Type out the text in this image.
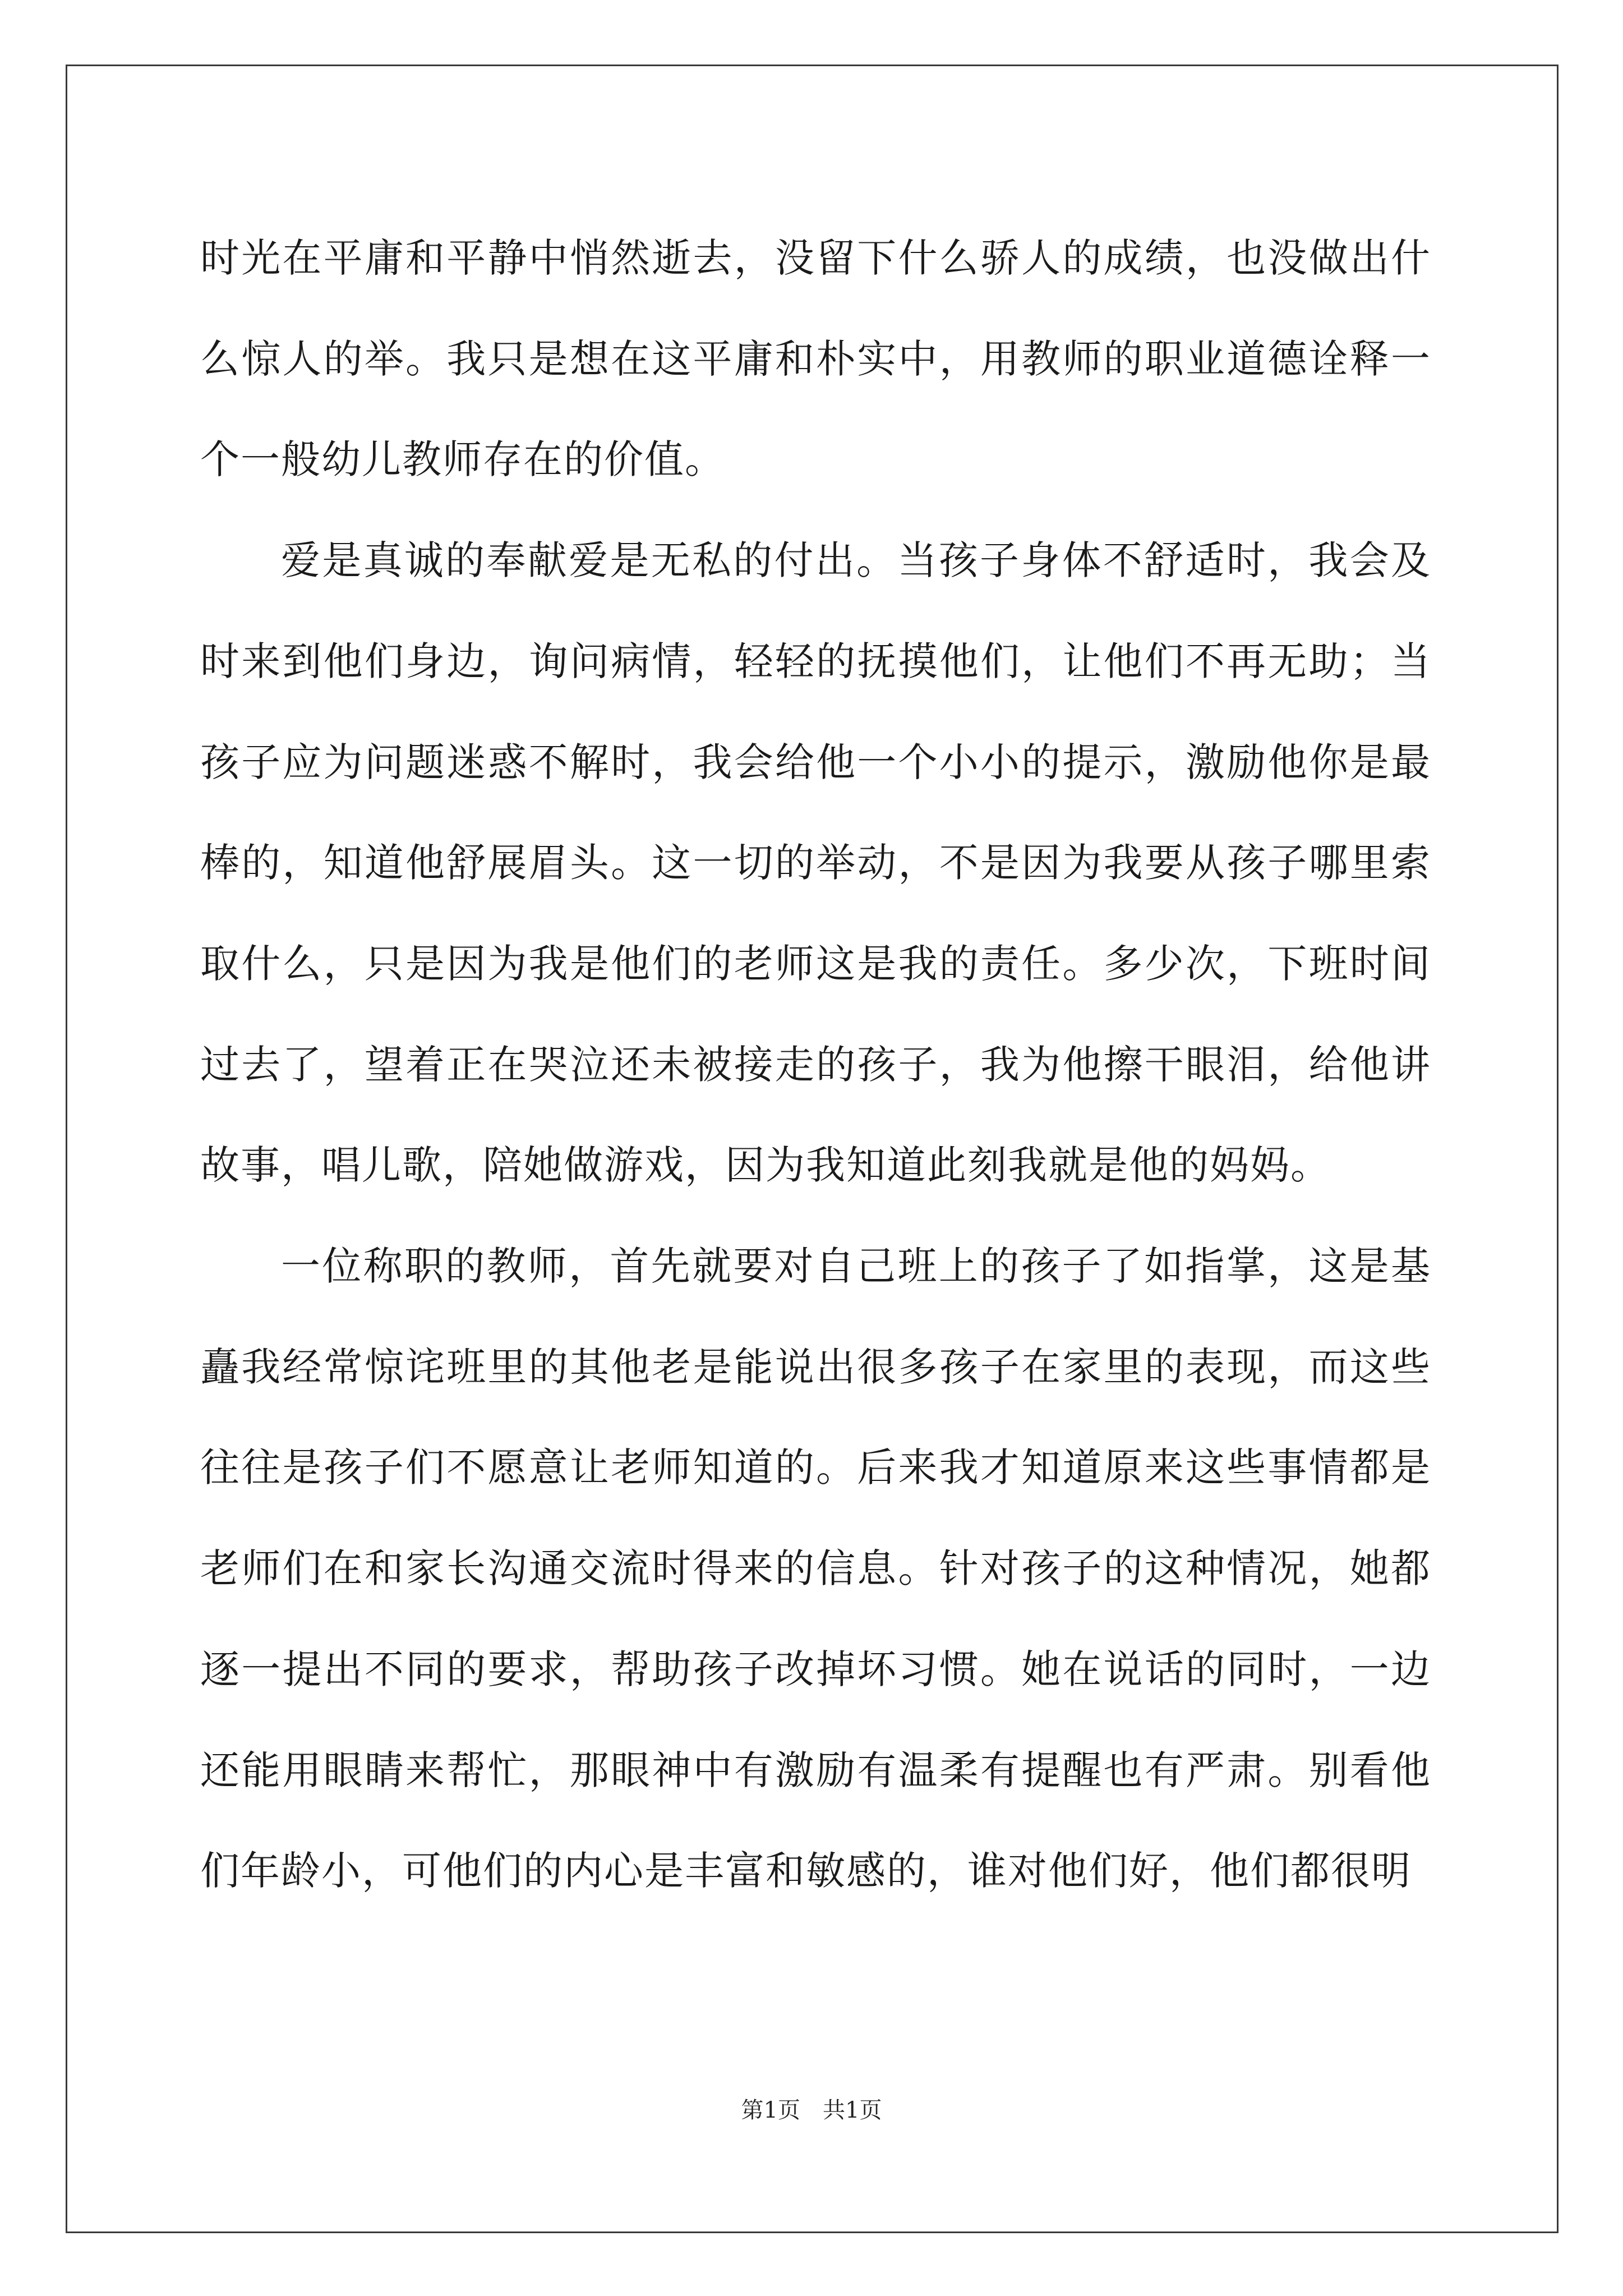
时光在平庸和平静中悄然逝去，没留下什么骄人的成绩，也没做出什么惊人的举。我只是想在这平庸和朴实中，用教师的职业道德诠释一个一般幼儿教师存在的价值。

爱是真诚的奉献爱是无私的付出。当孩子身体不舒适时，我会及时来到他们身边，询问病情，轻轻的抚摸他们，让他们不再无助；当孩子应为问题迷惑不解时，我会给他一个小小的提示，激励他你是最棒的，知道他舒展眉头。这一切的举动，不是因为我要从孩子哪里索取什么，只是因为我是他们的老师这是我的责任。多少次，下班时间过去了，望着正在哭泣还未被接走的孩子，我为他擦干眼泪，给他讲故事，唱儿歌，陪她做游戏，因为我知道此刻我就是他的妈妈。

一位称职的教师，首先就要对自己班上的孩子了如指掌，这是基矗我经常惊诧班里的其他老是能说出很多孩子在家里的表现，而这些往往是孩子们不愿意让老师知道的。后来我才知道原来这些事情都是老师们在和家长沟通交流时得来的信息。针对孩子的这种情况，她都逐一提出不同的要求，帮助孩子改掉坏习惯。她在说话的同时，一边还能用眼睛来帮忙，那眼神中有激励有温柔有提醒也有严肃。别看他们年龄小，可他们的内心是丰富和敏感的，谁对他们好，他们都很明

第1页 共1页
